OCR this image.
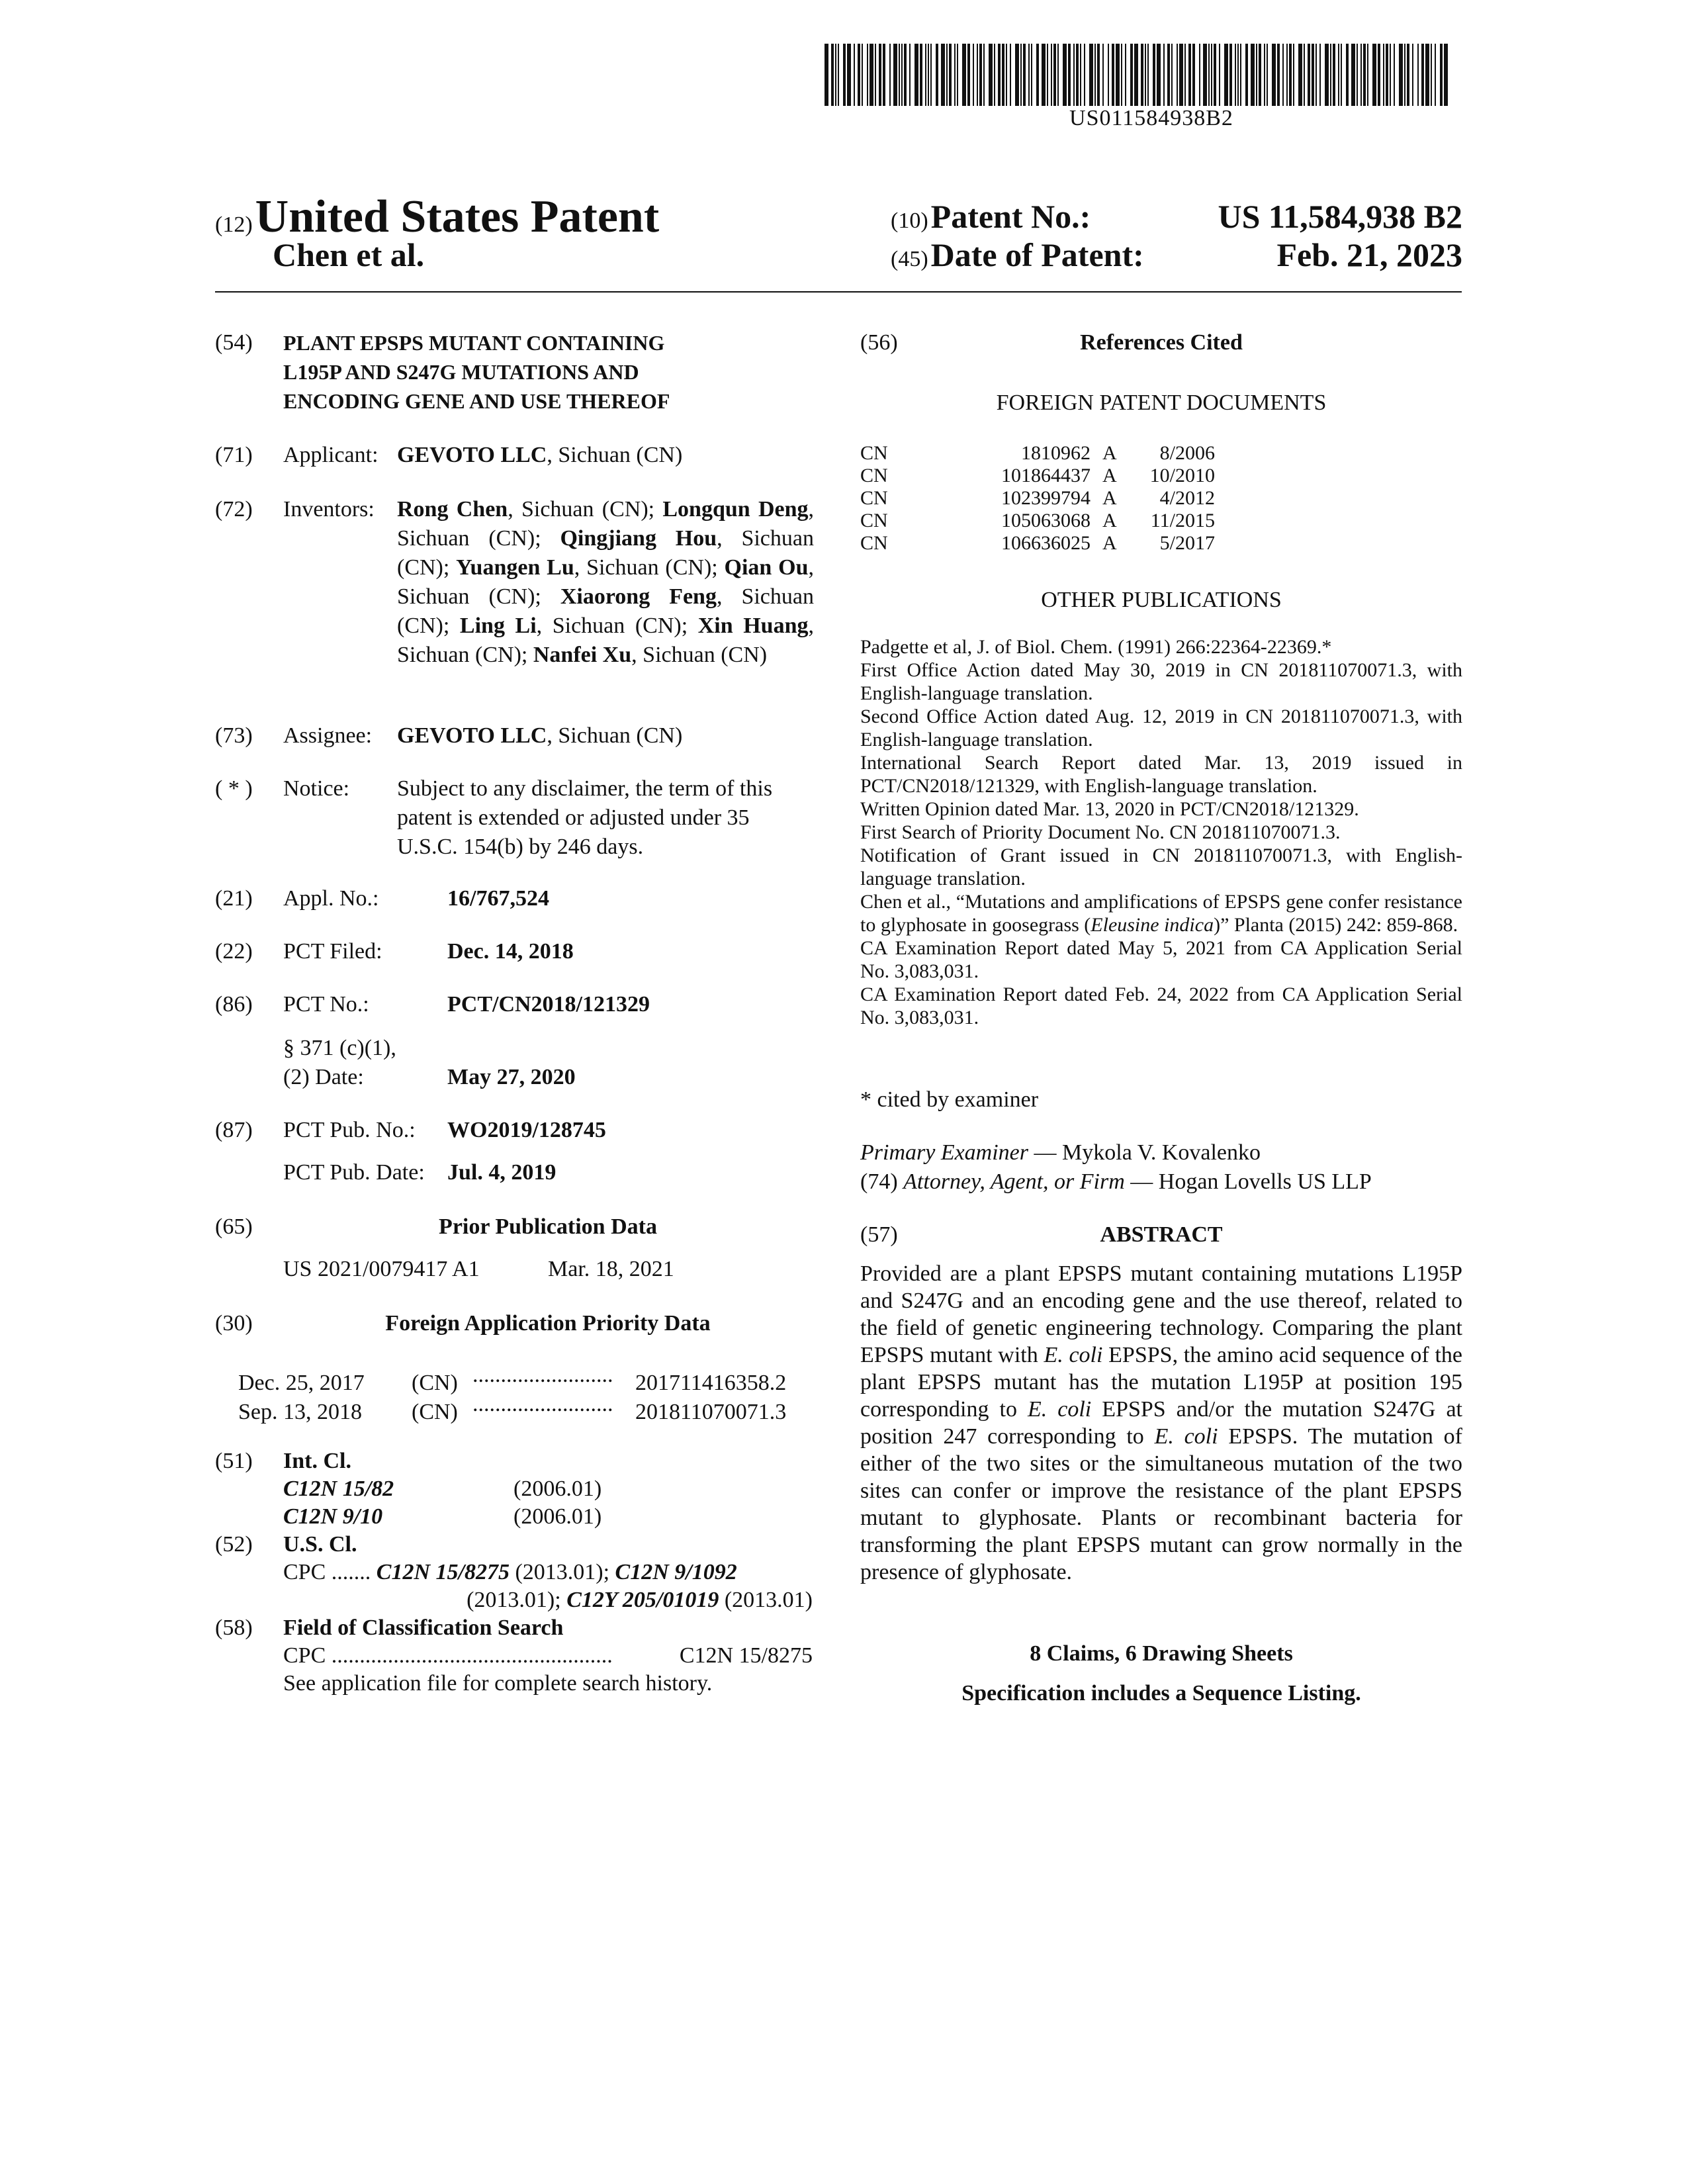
US011584938B2
(12) United States Patent
Chen et al.
(10) Patent No.:	US 11,584,938 B2
(45) Date of Patent:	Feb. 21, 2023
(54) PLANT EPSPS MUTANT CONTAINING
L195P AND S247G MUTATIONS AND
ENCODING GENE AND USE THEREOF
(71) Applicant: GEVOTO LLC, Sichuan (CN)
(72) Inventors: Rong Chen, Sichuan (CN); Longqun Deng, Sichuan (CN); Qingjiang Hou, Sichuan (CN); Yuangen Lu, Sichuan (CN); Qian Ou, Sichuan (CN); Xiaorong Feng, Sichuan (CN); Ling Li, Sichuan (CN); Xin Huang, Sichuan (CN); Nanfei Xu, Sichuan (CN)
(73) Assignee: GEVOTO LLC, Sichuan (CN)
( * ) Notice: Subject to any disclaimer, the term of this
patent is extended or adjusted under 35
U.S.C. 154(b) by 246 days.
(21) Appl. No.:	16/767,524
(22) PCT Filed:	Dec. 14, 2018
(86) PCT No.:	PCT/CN2018/121329
§ 371 (c)(1),
(2) Date:	May 27, 2020
(87) PCT Pub. No.: WO2019/128745
PCT Pub. Date: Jul. 4, 2019
(65)	Prior Publication Data
US 2021/0079417 A1	Mar. 18, 2021
(30)	Foreign Application Priority Data
Dec. 25, 2017 (CN) ......................... 201711416358.2
Sep. 13, 2018 (CN) ......................... 201811070071.3
(51) Int. Cl.
C12N 15/82	(2006.01)
C12N 9/10	(2006.01)
(52) U.S. Cl.
CPC ....... C12N 15/8275 (2013.01); C12N 9/1092
(2013.01); C12Y 205/01019 (2013.01)
(58) Field of Classification Search
CPC ..................................................	C12N 15/8275
See application file for complete search history.
(56)	References Cited
FOREIGN PATENT DOCUMENTS
CN	1810962	A	8/2006
CN	101864437	A	10/2010
CN	102399794	A	4/2012
CN	105063068	A	11/2015
CN	106636025	A	5/2017
OTHER PUBLICATIONS
Padgette et al, J. of Biol. Chem. (1991) 266:22364-22369.*
First Office Action dated May 30, 2019 in CN 201811070071.3, with English-language translation.
Second Office Action dated Aug. 12, 2019 in CN 201811070071.3, with English-language translation.
International Search Report dated Mar. 13, 2019 issued in PCT/CN2018/121329, with English-language translation.
Written Opinion dated Mar. 13, 2020 in PCT/CN2018/121329.
First Search of Priority Document No. CN 201811070071.3.
Notification of Grant issued in CN 201811070071.3, with English-language translation.
Chen et al., “Mutations and amplifications of EPSPS gene confer resistance to glyphosate in goosegrass (Eleusine indica)” Planta (2015) 242: 859-868.
CA Examination Report dated May 5, 2021 from CA Application Serial No. 3,083,031.
CA Examination Report dated Feb. 24, 2022 from CA Application Serial No. 3,083,031.
* cited by examiner
Primary Examiner — Mykola V. Kovalenko
(74) Attorney, Agent, or Firm — Hogan Lovells US LLP
(57)	ABSTRACT
Provided are a plant EPSPS mutant containing mutations L195P and S247G and an encoding gene and the use thereof, related to the field of genetic engineering technology. Comparing the plant EPSPS mutant with E. coli EPSPS, the amino acid sequence of the plant EPSPS mutant has the mutation L195P at position 195 corresponding to E. coli EPSPS and/or the mutation S247G at position 247 corresponding to E. coli EPSPS. The mutation of either of the two sites or the simultaneous mutation of the two sites can confer or improve the resistance of the plant EPSPS mutant to glyphosate. Plants or recombinant bacteria for transforming the plant EPSPS mutant can grow normally in the presence of glyphosate.
8 Claims, 6 Drawing Sheets
Specification includes a Sequence Listing.
